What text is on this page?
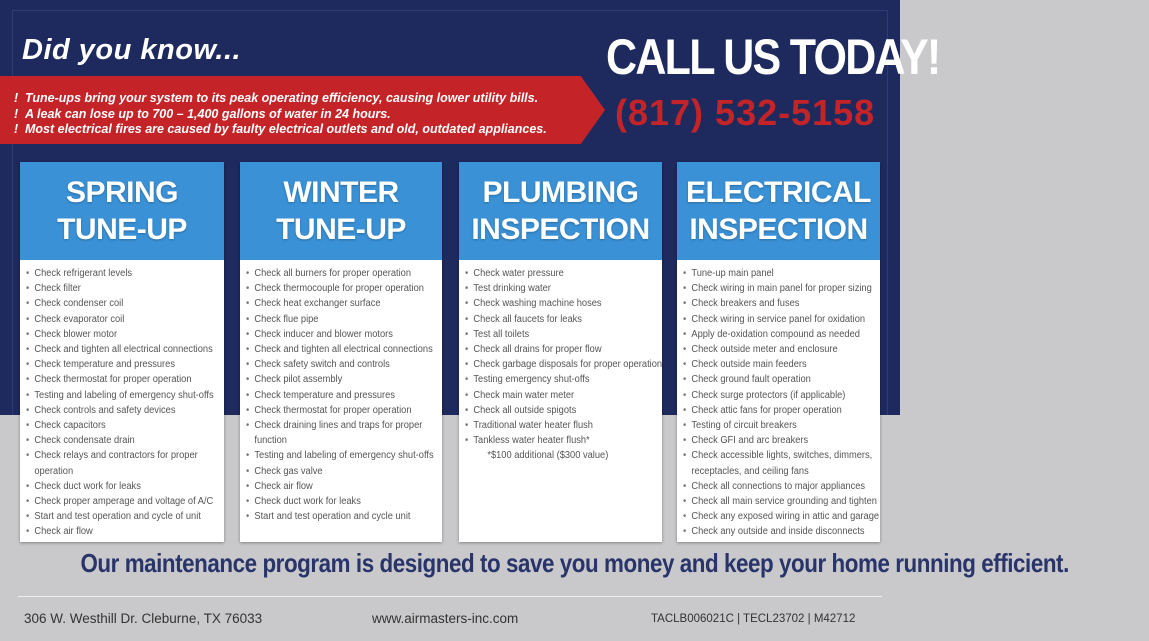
Did you know...
! Tune-ups bring your system to its peak operating efficiency, causing lower utility bills.
! A leak can lose up to 700 – 1,400 gallons of water in 24 hours.
! Most electrical fires are caused by faulty electrical outlets and old, outdated appliances.
CALL US TODAY!
(817) 532-5158
SPRING
TUNE-UP
• Check refrigerant levels
• Check filter
• Check condenser coil
• Check evaporator coil
• Check blower motor
• Check and tighten all electrical connections
• Check temperature and pressures
• Check thermostat for proper operation
• Testing and labeling of emergency shut-offs
• Check controls and safety devices
• Check capacitors
• Check condensate drain
• Check relays and contractors for proper operation
• Check duct work for leaks
• Check proper amperage and voltage of A/C
• Start and test operation and cycle of unit
• Check air flow
WINTER
TUNE-UP
• Check all burners for proper operation
• Check thermocouple for proper operation
• Check heat exchanger surface
• Check flue pipe
• Check inducer and blower motors
• Check and tighten all electrical connections
• Check safety switch and controls
• Check pilot assembly
• Check temperature and pressures
• Check thermostat for proper operation
• Check draining lines and traps for proper function
• Testing and labeling of emergency shut-offs
• Check gas valve
• Check air flow
• Check duct work for leaks
• Start and test operation and cycle unit
PLUMBING
INSPECTION
• Check water pressure
• Test drinking water
• Check washing machine hoses
• Check all faucets for leaks
• Test all toilets
• Check all drains for proper flow
• Check garbage disposals for proper operation
• Testing emergency shut-offs
• Check main water meter
• Check all outside spigots
• Traditional water heater flush
• Tankless water heater flush*
*$100 additional ($300 value)
ELECTRICAL
INSPECTION
• Tune-up main panel
• Check wiring in main panel for proper sizing
• Check breakers and fuses
• Check wiring in service panel for oxidation
• Apply de-oxidation compound as needed
• Check outside meter and enclosure
• Check outside main feeders
• Check ground fault operation
• Check surge protectors (if applicable)
• Check attic fans for proper operation
• Testing of circuit breakers
• Check GFI and arc breakers
• Check accessible lights, switches, dimmers, receptacles, and ceiling fans
• Check all connections to major appliances
• Check all main service grounding and tighten
• Check any exposed wiring in attic and garage
• Check any outside and inside disconnects
Our maintenance program is designed to save you money and keep your home running efficient.
306 W. Westhill Dr. Cleburne, TX 76033	www.airmasters-inc.com	TACLB006021C | TECL23702 | M42712
